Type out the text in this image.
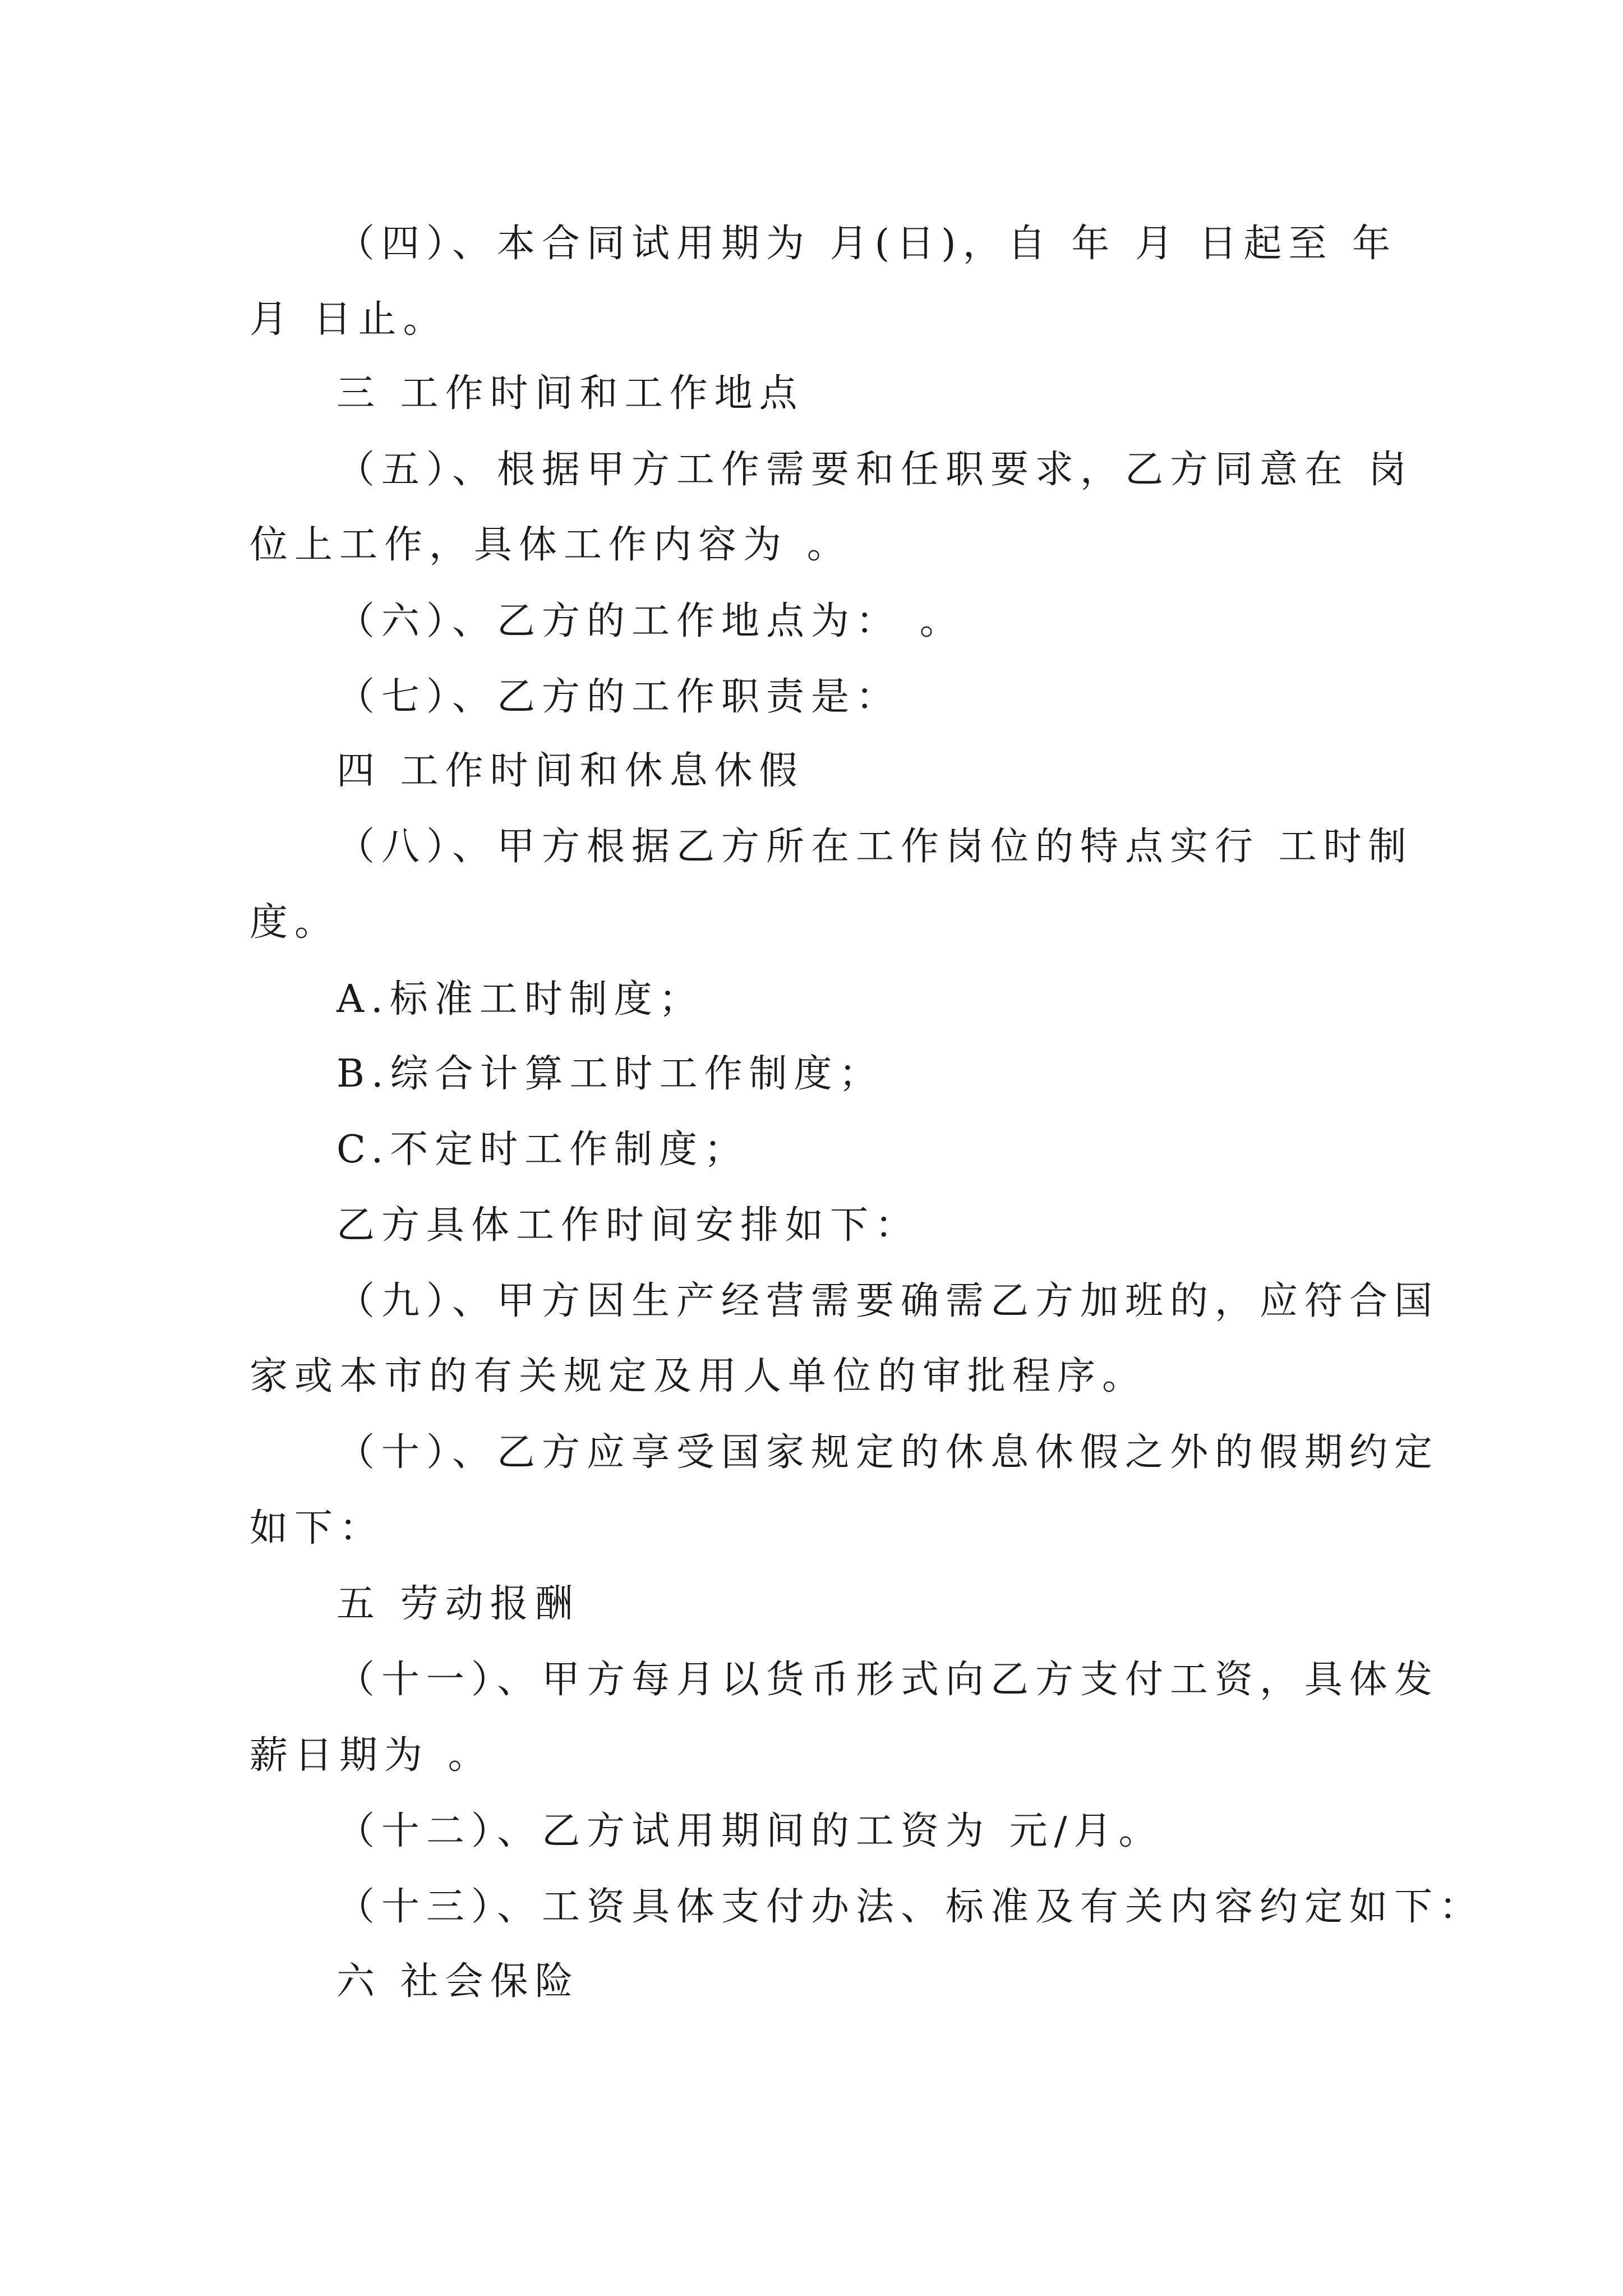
（四）、本合同试用期为 月(日)，自 年 月 日起至 年
月 日止。
三 工作时间和工作地点
（五）、根据甲方工作需要和任职要求，乙方同意在 岗
位上工作，具体工作内容为 。
（六）、乙方的工作地点为： 。
（七）、乙方的工作职责是：
四 工作时间和休息休假
（八）、甲方根据乙方所在工作岗位的特点实行 工时制
度。
A.标准工时制度；
B.综合计算工时工作制度；
C.不定时工作制度；
乙方具体工作时间安排如下：
（九）、甲方因生产经营需要确需乙方加班的，应符合国
家或本市的有关规定及用人单位的审批程序。
（十）、乙方应享受国家规定的休息休假之外的假期约定
如下：
五 劳动报酬
（十一）、甲方每月以货币形式向乙方支付工资，具体发
薪日期为 。
（十二）、乙方试用期间的工资为 元/月。
（十三）、工资具体支付办法、标准及有关内容约定如下：
六 社会保险
